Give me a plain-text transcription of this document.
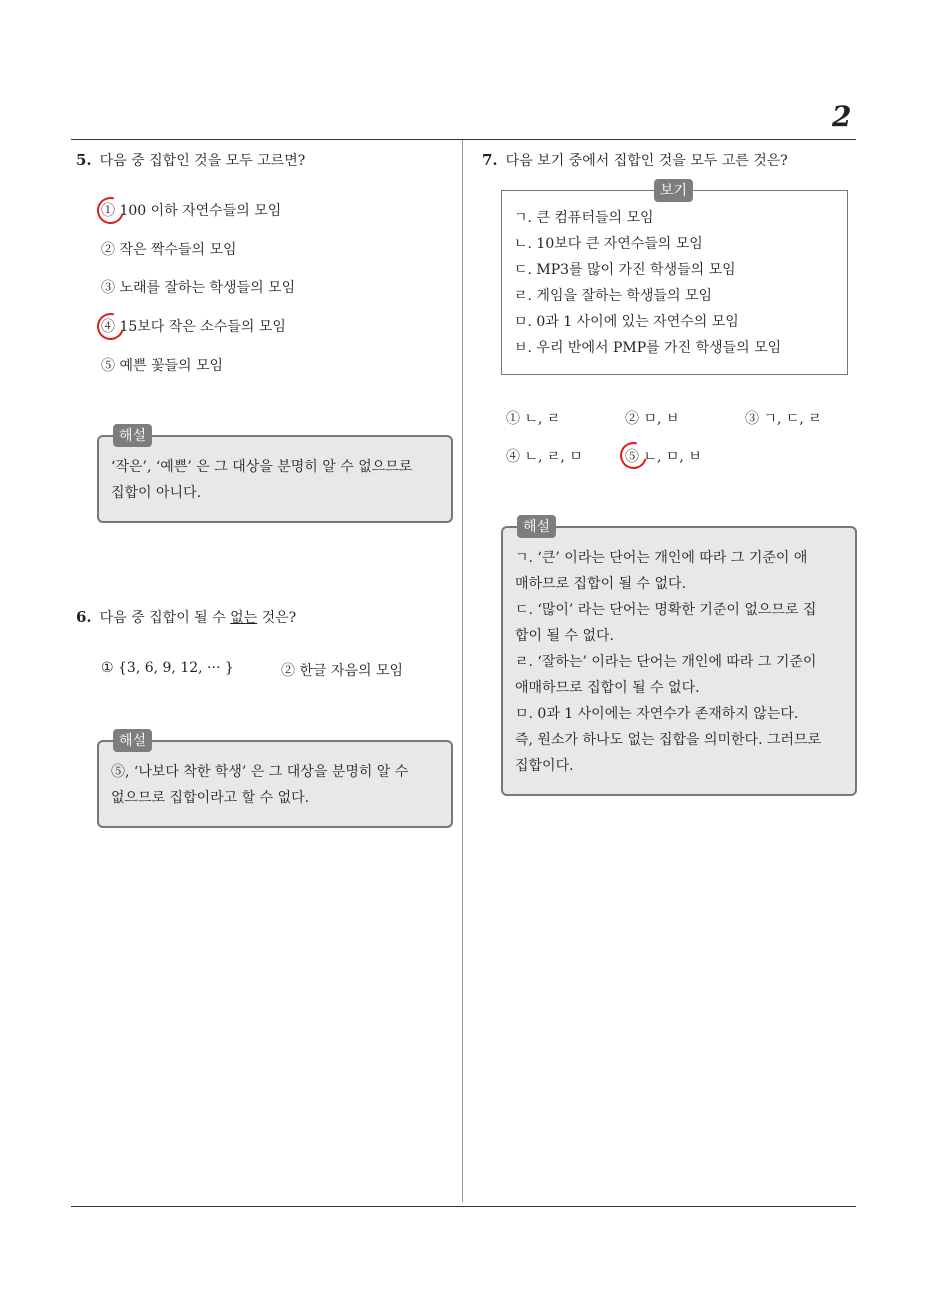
2
5. 다음 중 집합인 것을 모두 고르면?
① 100 이하 자연수들의 모임
② 작은 짝수들의 모임
③ 노래를 잘하는 학생들의 모임
④ 15보다 작은 소수들의 모임
⑤ 예쁜 꽃들의 모임
‘작은’, ‘예쁜’ 은 그 대상을 분명히 알 수 없으므로
집합이 아니다.
해설
6. 다음 중 집합이 될 수 없는 것은?
① {3, 6, 9, 12, ··· }	② 한글 자음의 모임
⑤, ‘나보다 착한 학생’ 은 그 대상을 분명히 알 수
없으므로 집합이라고 할 수 없다.
해설
7. 다음 보기 중에서 집합인 것을 모두 고른 것은?
ㄱ. 큰 컴퓨터들의 모임
ㄴ. 10보다 큰 자연수들의 모임
ㄷ. MP3를 많이 가진 학생들의 모임
ㄹ. 게임을 잘하는 학생들의 모임
ㅁ. 0과 1 사이에 있는 자연수의 모임
ㅂ. 우리 반에서 PMP를 가진 학생들의 모임
보기
① ㄴ, ㄹ	② ㅁ, ㅂ	③ ㄱ, ㄷ, ㄹ
④ ㄴ, ㄹ, ㅁ	⑤ ㄴ, ㅁ, ㅂ
ㄱ. ‘큰’ 이라는 단어는 개인에 따라 그 기준이 애
매하므로 집합이 될 수 없다.
ㄷ. ‘많이’ 라는 단어는 명확한 기준이 없으므로 집
합이 될 수 없다.
ㄹ. ‘잘하는’ 이라는 단어는 개인에 따라 그 기준이
애매하므로 집합이 될 수 없다.
ㅁ. 0과 1 사이에는 자연수가 존재하지 않는다.
즉, 원소가 하나도 없는 집합을 의미한다. 그러므로
집합이다.
해설
